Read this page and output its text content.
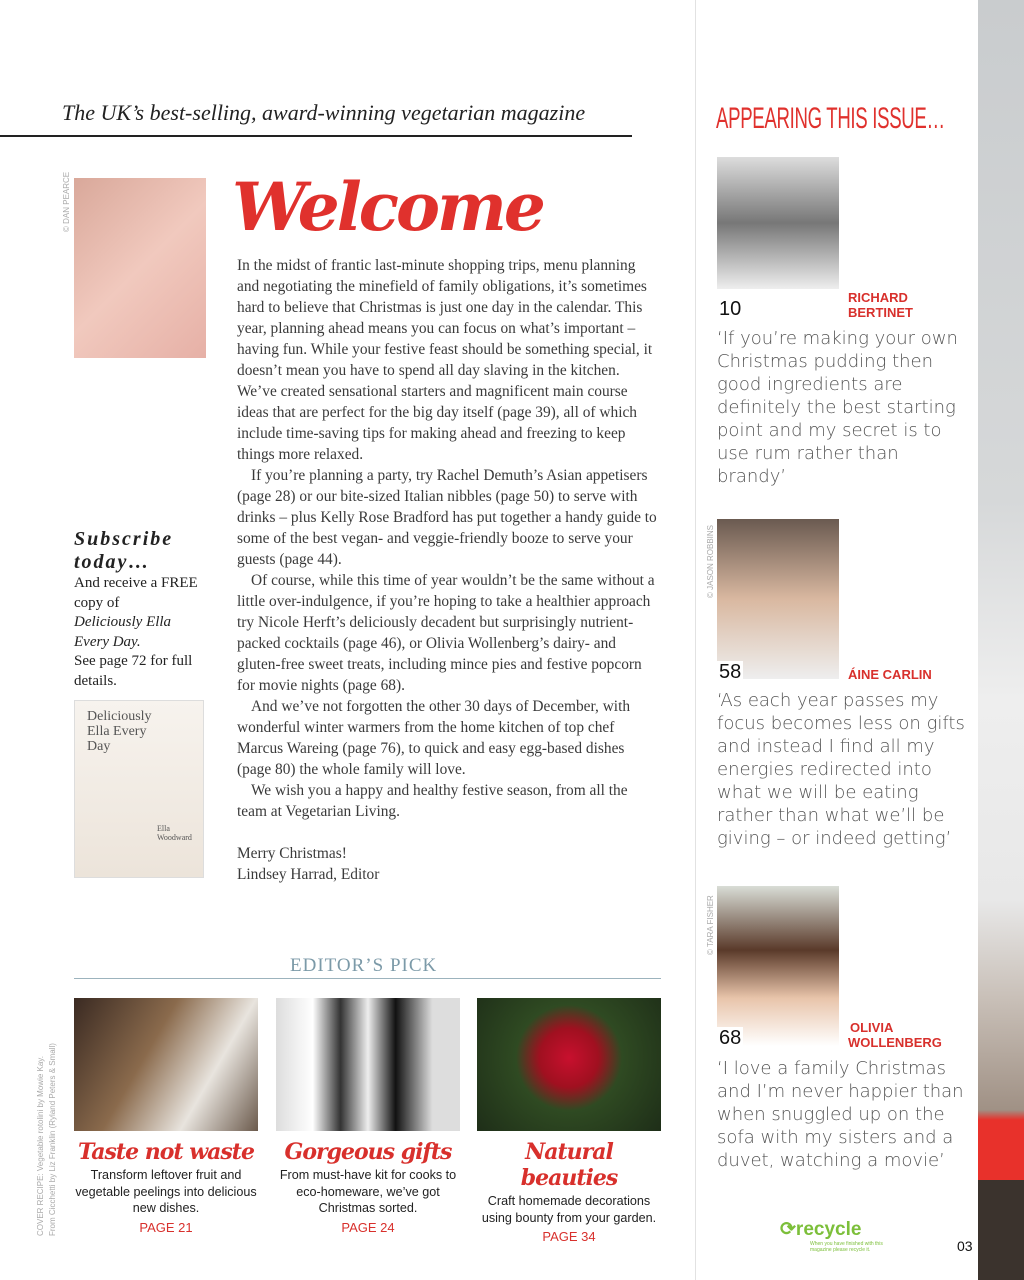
The UK’s best-selling, award-winning vegetarian magazine
© DAN PEARCE Welcome

In the midst of frantic last-minute shopping trips, menu planning and negotiating the minefield of family obligations, it’s sometimes hard to believe that Christmas is just one day in the calendar. This year, planning ahead means you can focus on what’s important – having fun. While your festive feast should be something special, it doesn’t mean you have to spend all day slaving in the kitchen. We’ve created sensational starters and magnificent main course ideas that are perfect for the big day itself (page 39), all of which include time-saving tips for making ahead and freezing to keep things more relaxed.

If you’re planning a party, try Rachel Demuth’s Asian appetisers (page 28) or our bite-sized Italian nibbles (page 50) to serve with drinks – plus Kelly Rose Bradford has put together a handy guide to some of the best vegan- and veggie-friendly booze to serve your guests (page 44).

Of course, while this time of year wouldn’t be the same without a little over-indulgence, if you’re hoping to take a healthier approach try Nicole Herft’s deliciously decadent but surprisingly nutrient-packed cocktails (page 46), or Olivia Wollenberg’s dairy- and gluten-free sweet treats, including mince pies and festive popcorn for movie nights (page 68).

And we’ve not forgotten the other 30 days of December, with wonderful winter warmers from the home kitchen of top chef Marcus Wareing (page 76), to quick and easy egg-based dishes (page 80) the whole family will love.

We wish you a happy and healthy festive season, from all the team at Vegetarian Living.

Merry Christmas!

Lindsey Harrad, Editor

Subscribe today…
And receive a FREE copy of
Deliciously Ella Every Day.
See page 72 for full details.
Deliciously Ella Every Day
Ella Woodward
COVER RECIPE: Vegetable rotolini by Mowie Kay. From Cicchetti by Liz Franklin (Ryland Peters & Small)
EDITOR’S PICK
Taste not waste

Transform leftover fruit and vegetable peelings into delicious new dishes.

PAGE 21
Gorgeous gifts

From must-have kit for cooks to eco-homeware, we’ve got Christmas sorted.

PAGE 24
Natural beauties

Craft homemade decorations using bounty from your garden.

PAGE 34
APPEARING THIS ISSUE…
10
RICHARD
BERTINET
‘If you’re making your own Christmas pudding then good ingredients are definitely the best starting point and my secret is to use rum rather than brandy’
© JASON ROBBINS
58	ÁINE CARLIN
‘As each year passes my focus becomes less on gifts and instead I find all my energies redirected into what we will be eating rather than what we’ll be giving – or indeed getting’
© TARA FISHER
68	OLIVIA
WOLLENBERG
‘I love a family Christmas and I’m never happier than when snuggled up on the sofa with my sisters and a duvet, watching a movie’
⟳recycle
When you have finished with this magazine please recycle it.	03
